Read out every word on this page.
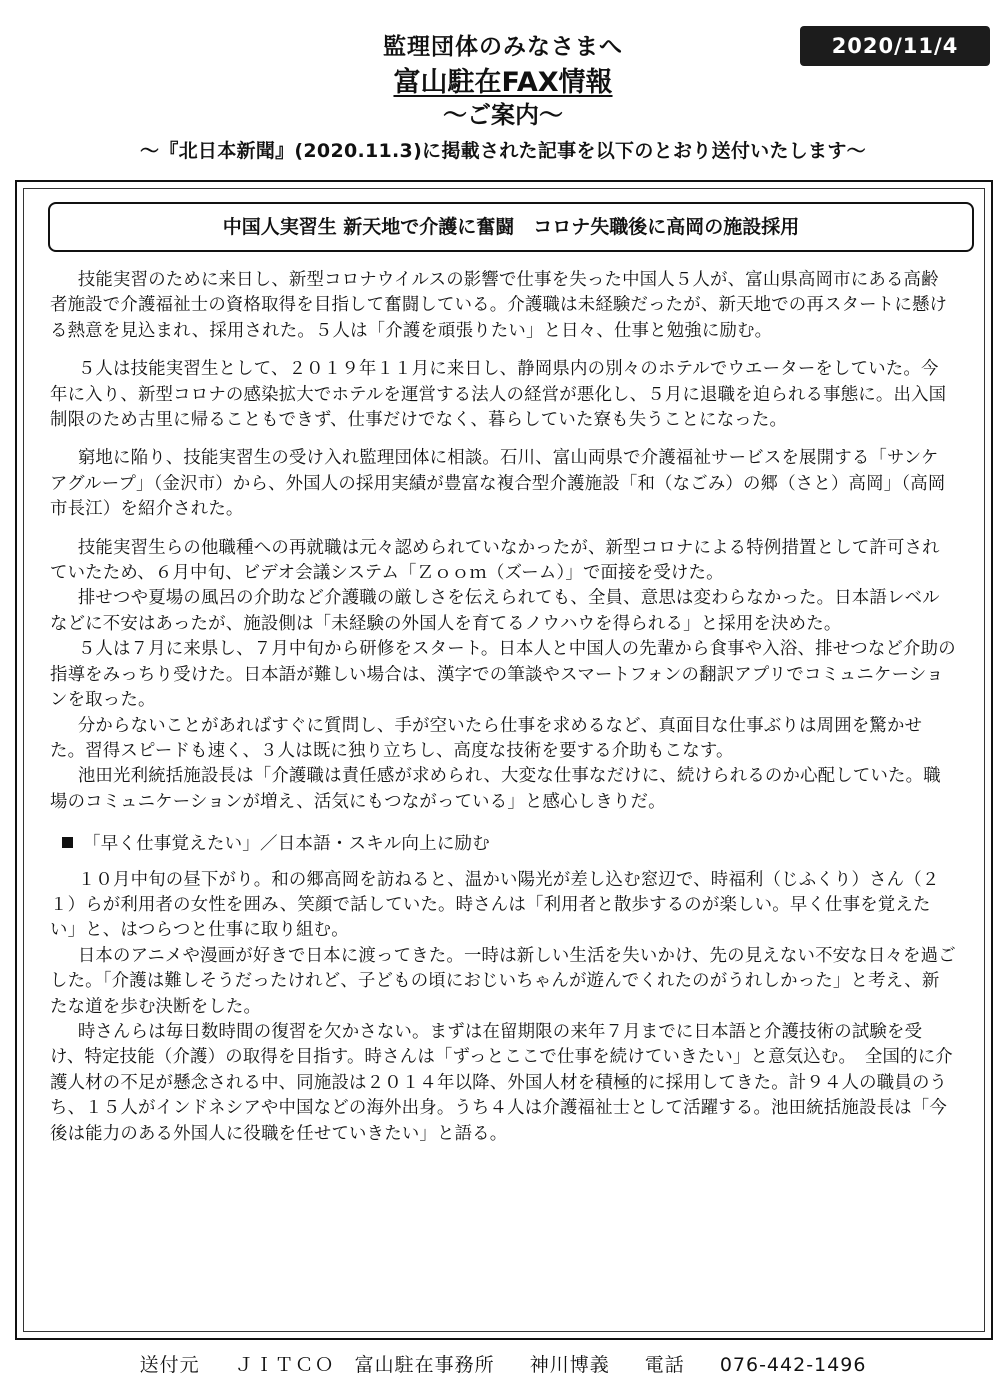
監理団体のみなさまへ
富山駐在FAX情報
〜ご案内〜
2020/11/4
〜『北日本新聞』(2020.11.3)に掲載された記事を以下のとおり送付いたします〜
中国人実習生 新天地で介護に奮闘　コロナ失職後に高岡の施設採用

技能実習のために来日し、新型コロナウイルスの影響で仕事を失った中国人５人が、富山県高岡市にある高齢者施設で介護福祉士の資格取得を目指して奮闘している。介護職は未経験だったが、新天地での再スタートに懸ける熱意を見込まれ、採用された。５人は「介護を頑張りたい」と日々、仕事と勉強に励む。

５人は技能実習生として、２０１９年１１月に来日し、静岡県内の別々のホテルでウエーターをしていた。今年に入り、新型コロナの感染拡大でホテルを運営する法人の経営が悪化し、５月に退職を迫られる事態に。出入国制限のため古里に帰ることもできず、仕事だけでなく、暮らしていた寮も失うことになった。

窮地に陥り、技能実習生の受け入れ監理団体に相談。石川、富山両県で介護福祉サービスを展開する「サンケアグループ」（金沢市）から、外国人の採用実績が豊富な複合型介護施設「和（なごみ）の郷（さと）高岡」（高岡市長江）を紹介された。

技能実習生らの他職種への再就職は元々認められていなかったが、新型コロナによる特例措置として許可されていたため、６月中旬、ビデオ会議システム「Ｚｏｏｍ（ズーム）」で面接を受けた。

排せつや夏場の風呂の介助など介護職の厳しさを伝えられても、全員、意思は変わらなかった。日本語レベルなどに不安はあったが、施設側は「未経験の外国人を育てるノウハウを得られる」と採用を決めた。

５人は７月に来県し、７月中旬から研修をスタート。日本人と中国人の先輩から食事や入浴、排せつなど介助の指導をみっちり受けた。日本語が難しい場合は、漢字での筆談やスマートフォンの翻訳アプリでコミュニケーションを取った。

分からないことがあればすぐに質問し、手が空いたら仕事を求めるなど、真面目な仕事ぶりは周囲を驚かせた。習得スピードも速く、３人は既に独り立ちし、高度な技術を要する介助もこなす。

池田光利統括施設長は「介護職は責任感が求められ、大変な仕事なだけに、続けられるのか心配していた。職場のコミュニケーションが増え、活気にもつながっている」と感心しきりだ。

「早く仕事覚えたい」／日本語・スキル向上に励む

１０月中旬の昼下がり。和の郷高岡を訪ねると、温かい陽光が差し込む窓辺で、時福利（じふくり）さん（２１）らが利用者の女性を囲み、笑顔で話していた。時さんは「利用者と散歩するのが楽しい。早く仕事を覚えたい」と、はつらつと仕事に取り組む。

日本のアニメや漫画が好きで日本に渡ってきた。一時は新しい生活を失いかけ、先の見えない不安な日々を過ごした。「介護は難しそうだったけれど、子どもの頃におじいちゃんが遊んでくれたのがうれしかった」と考え、新たな道を歩む決断をした。

時さんらは毎日数時間の復習を欠かさない。まずは在留期限の来年７月までに日本語と介護技術の試験を受け、特定技能（介護）の取得を目指す。時さんは「ずっとここで仕事を続けていきたい」と意気込む。　全国的に介護人材の不足が懸念される中、同施設は２０１４年以降、外国人材を積極的に採用してきた。計９４人の職員のうち、１５人がインドネシアや中国などの海外出身。うち４人は介護福祉士として活躍する。池田統括施設長は「今後は能力のある外国人に役職を任せていきたい」と語る。

送付元 ＪＩＴＣＯ　富山駐在事務所 神川博義 電話 076-442-1496
